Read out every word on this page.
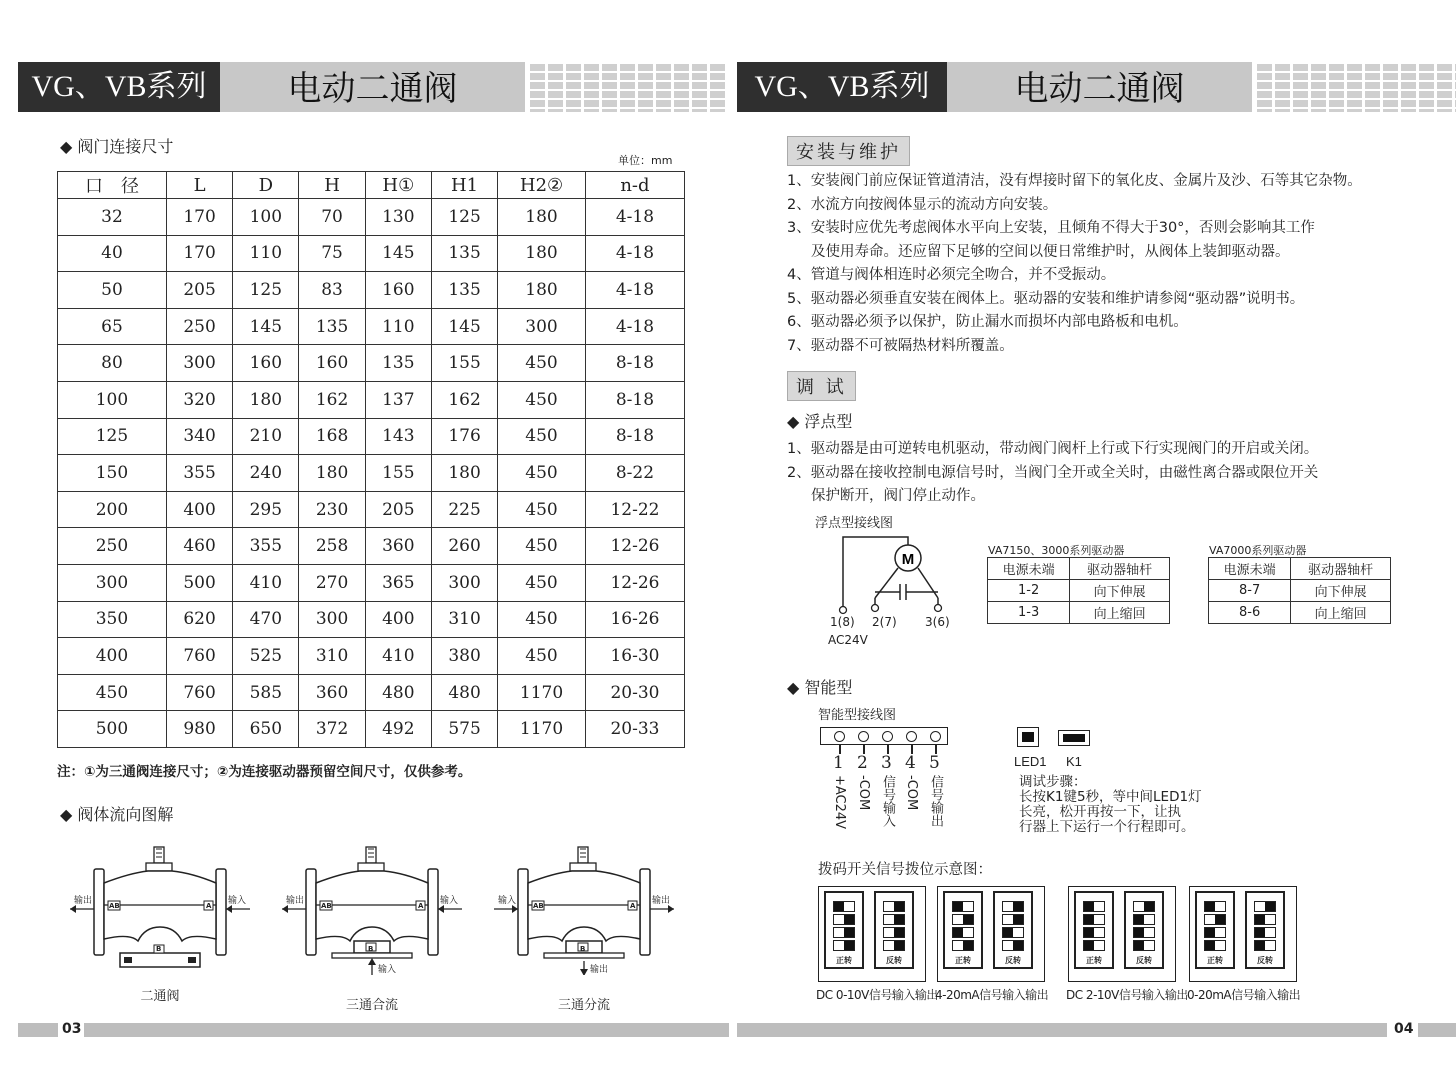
VG、VB系列	电动二通阀
◆ 阀门连接尺寸
单位：mm
口　径	L	D	H	H①	H1	H2②	n-d
32	170	100	70	130	125	180	4-18
40	170	110	75	145	135	180	4-18
50	205	125	83	160	135	180	4-18
65	250	145	135	110	145	300	4-18
80	300	160	160	135	155	450	8-18
100	320	180	162	137	162	450	8-18
125	340	210	168	143	176	450	8-18
150	355	240	180	155	180	450	8-22
200	400	295	230	205	225	450	12-22
250	460	355	258	360	260	450	12-26
300	500	410	270	365	300	450	12-26
350	620	470	300	400	310	450	16-26
400	760	525	310	410	380	450	16-30
450	760	585	360	480	480	1170	20-30
500	980	650	372	492	575	1170	20-33
注：①为三通阀连接尺寸；②为连接驱动器预留空间尺寸，仅供参考。
◆ 阀体流向图解
输出	输入
AB	A
B
二通阀
输出	输入
AB	A
B
输入
三通合流
输入	输出
AB	A
B
输出
三通分流
03
VG、VB系列	电动二通阀
安装与维护
1、安装阀门前应保证管道清洁，没有焊接时留下的氧化皮、金属片及沙、石等其它杂物。
2、水流方向按阀体显示的流动方向安装。
3、安装时应优先考虑阀体水平向上安装，且倾角不得大于30°，否则会影响其工作
及使用寿命。还应留下足够的空间以便日常维护时，从阀体上装卸驱动器。
4、管道与阀体相连时必须完全吻合，并不受振动。
5、驱动器必须垂直安装在阀体上。驱动器的安装和维护请参阅“驱动器”说明书。
6、驱动器必须予以保护，防止漏水而损坏内部电路板和电机。
7、驱动器不可被隔热材料所覆盖。
调 试
◆ 浮点型
1、驱动器是由可逆转电机驱动，带动阀门阀杆上行或下行实现阀门的开启或关闭。
2、驱动器在接收控制电源信号时，当阀门全开或全关时，由磁性离合器或限位开关
保护断开，阀门停止动作。
浮点型接线图
M
1(8) 2(7) 3(6)
AC24V
VA7150、3000系列驱动器
电源未端	驱动器轴杆
1-2	向下伸展
1-3	向上缩回
VA7000系列驱动器
电源未端	驱动器轴杆
8-7	向下伸展
8-6	向上缩回
◆ 智能型
智能型接线图
1
+AC24V
2
-COM
3
信号输入
4
-COM
5
信号输出
LED1 K1
调试步骤：
长按K1键5秒，等中间LED1灯
长亮，松开再按一下，让执
行器上下运行一个行程即可。
拨码开关信号拨位示意图：
正转	反转
DC 0-10V信号输入输出
正转	反转
4-20mA信号输入输出
正转	反转
DC 2-10V信号输入输出
正转	反转
0-20mA信号输入输出
04
